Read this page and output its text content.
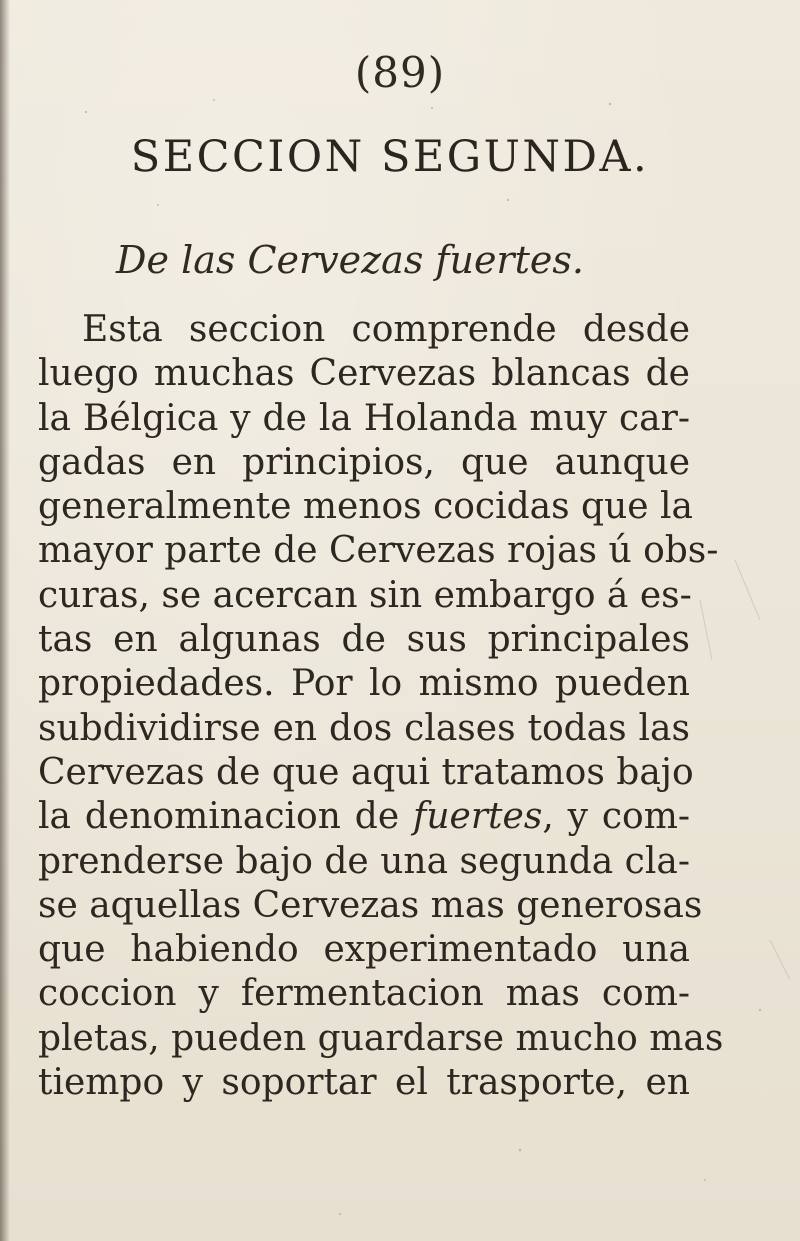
(89)
SECCION SEGUNDA.
De las Cervezas fuertes.
Esta seccion comprende desde
luego muchas Cervezas blancas de
la Bélgica y de la Holanda muy car-
gadas en principios, que aunque
generalmente menos cocidas que la
mayor parte de Cervezas rojas ú obs-
curas, se acercan sin embargo á es-
tas en algunas de sus principales
propiedades. Por lo mismo pueden
subdividirse en dos clases todas las
Cervezas de que aqui tratamos bajo
la denominacion de fuertes, y com-
prenderse bajo de una segunda cla-
se aquellas Cervezas mas generosas
que habiendo experimentado una
coccion y fermentacion mas com-
pletas, pueden guardarse mucho mas
tiempo y soportar el trasporte, en
